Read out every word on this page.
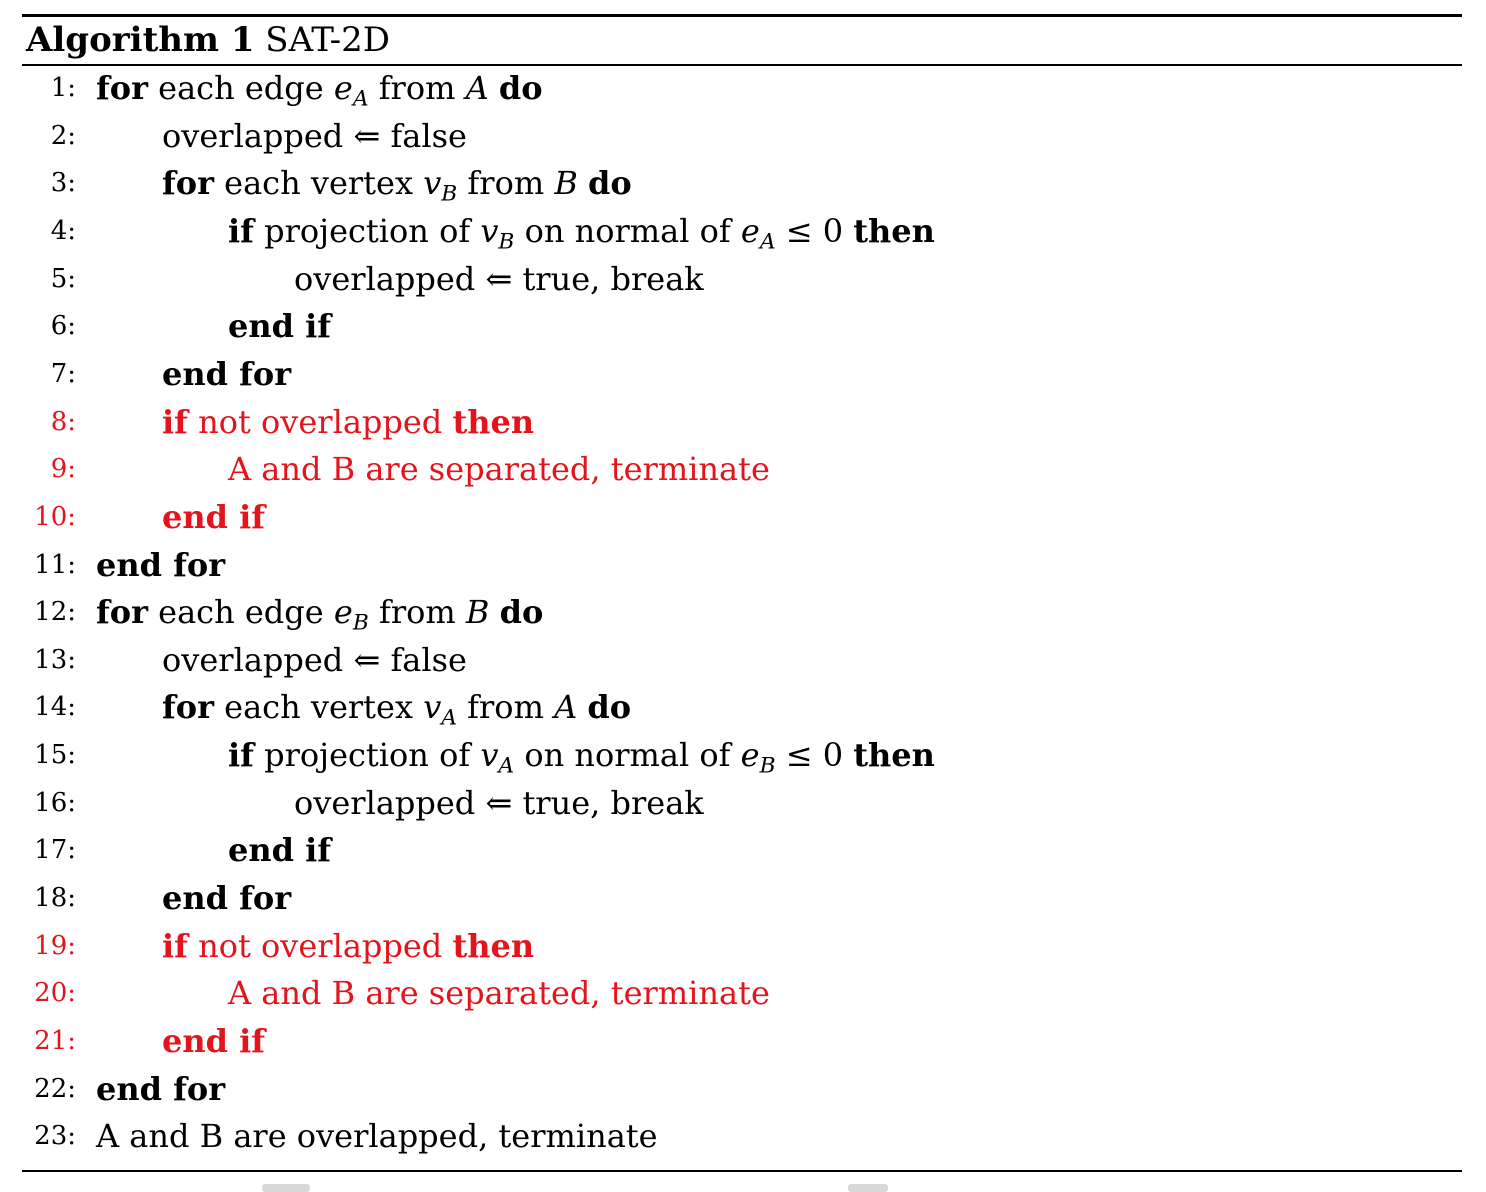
Algorithm 1 SAT-2D
1: for each edge $e_A$ from A do
2:	overlapped ⇐ false
3:	for each vertex $v_B$ from B do
4:	if projection of $v_B$ on normal of $e_A \le 0$ then
5:	overlapped ⇐ true, break
6:	end if
7:	end for
8:	if not overlapped then
9:	A and B are separated, terminate
10:	end if
11: end for
12: for each edge $e_B$ from B do
13:	overlapped ⇐ false
14:	for each vertex $v_A$ from A do
15:	if projection of $v_A$ on normal of $e_B \le 0$ then
16:	overlapped ⇐ true, break
17:	end if
18:	end for
19:	if not overlapped then
20:	A and B are separated, terminate
21:	end if
22: end for
23: A and B are overlapped, terminate
